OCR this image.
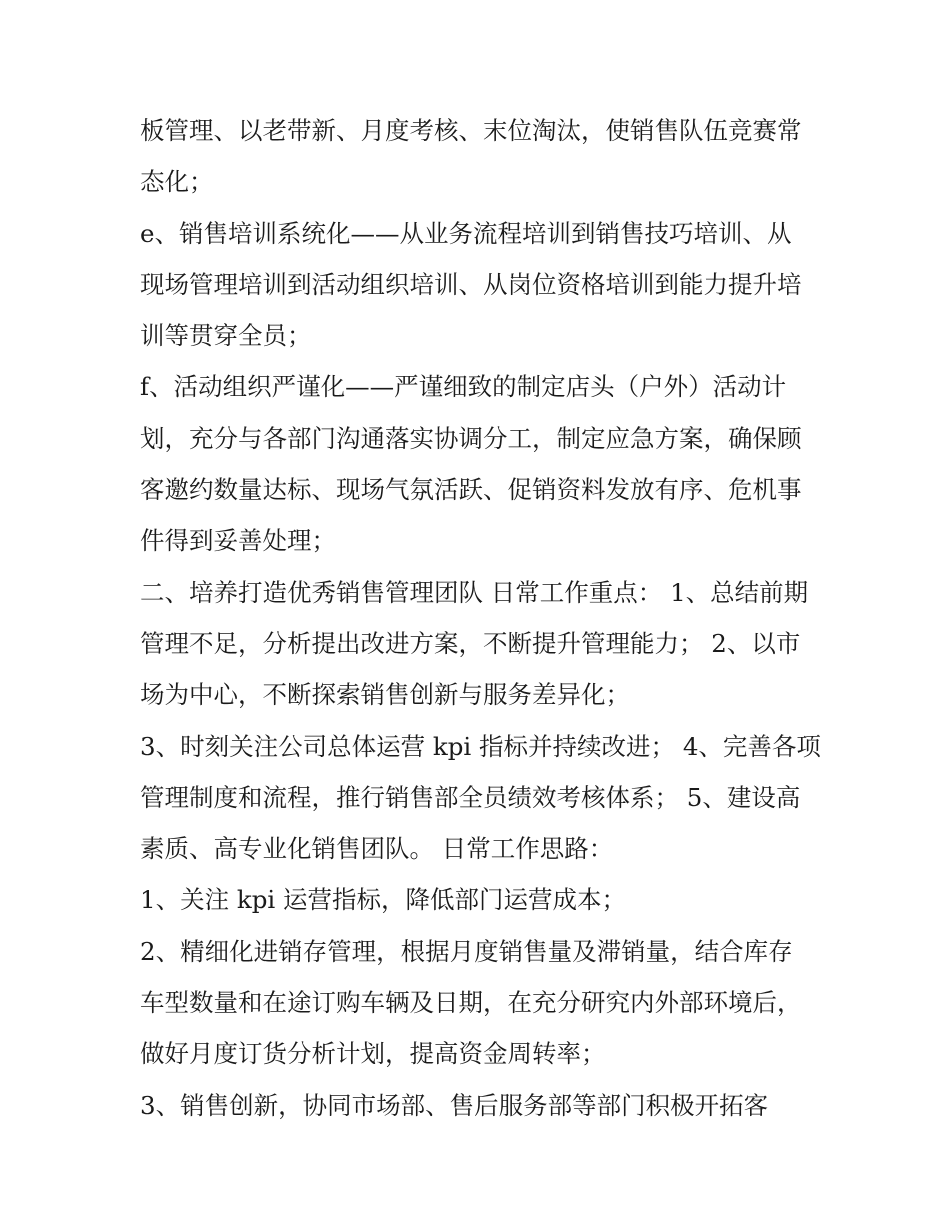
板管理、以老带新、月度考核、末位淘汰，使销售队伍竞赛常
态化；
e、销售培训系统化——从业务流程培训到销售技巧培训、从
现场管理培训到活动组织培训、从岗位资格培训到能力提升培
训等贯穿全员；
f、活动组织严谨化——严谨细致的制定店头（户外）活动计
划，充分与各部门沟通落实协调分工，制定应急方案，确保顾
客邀约数量达标、现场气氛活跃、促销资料发放有序、危机事
件得到妥善处理；
二、培养打造优秀销售管理团队 日常工作重点： 1、总结前期
管理不足，分析提出改进方案，不断提升管理能力； 2、以市
场为中心，不断探索销售创新与服务差异化；
3、时刻关注公司总体运营 kpi 指标并持续改进； 4、完善各项
管理制度和流程，推行销售部全员绩效考核体系； 5、建设高
素质、高专业化销售团队。 日常工作思路：
1、关注 kpi 运营指标，降低部门运营成本；
2、精细化进销存管理，根据月度销售量及滞销量，结合库存
车型数量和在途订购车辆及日期，在充分研究内外部环境后，
做好月度订货分析计划，提高资金周转率；
3、销售创新，协同市场部、售后服务部等部门积极开拓客
